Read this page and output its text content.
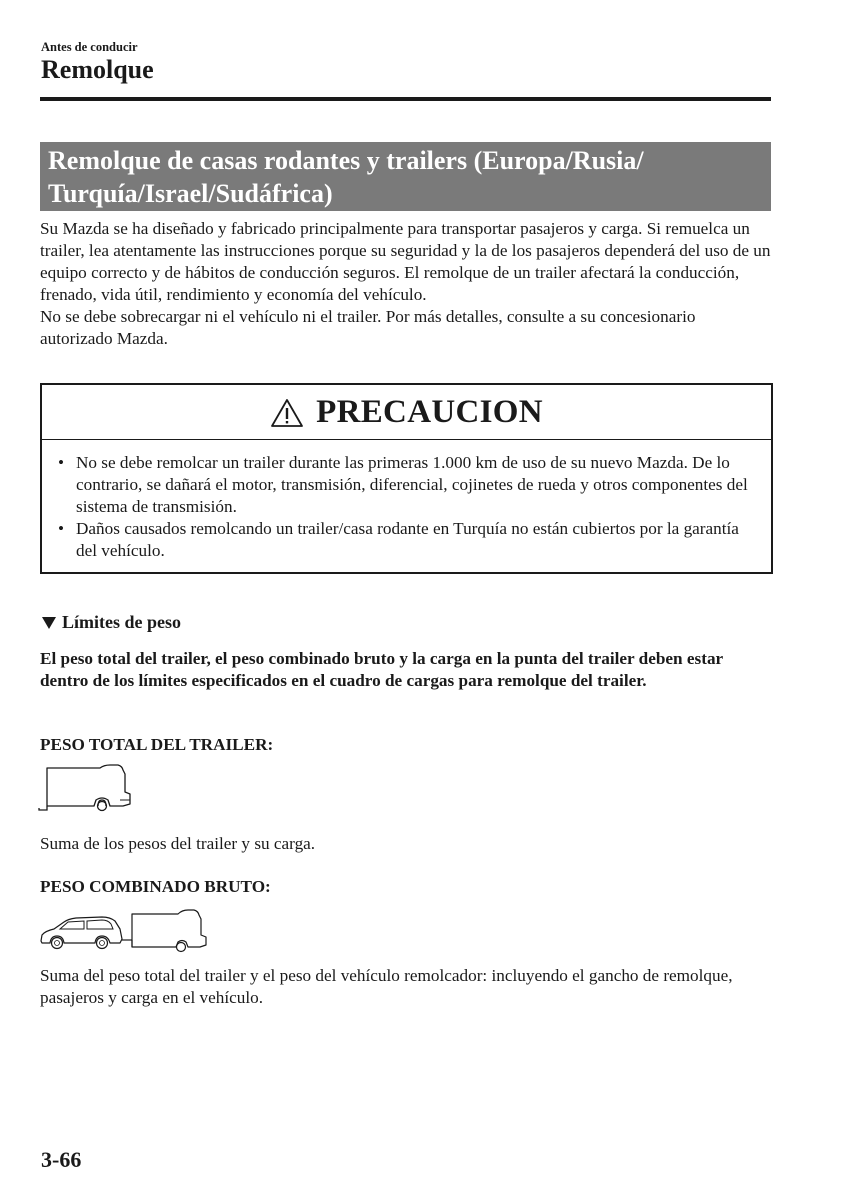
Antes de conducir
Remolque
Remolque de casas rodantes y trailers (Europa/Rusia/
Turquía/Israel/Sudáfrica)

Su Mazda se ha diseñado y fabricado principalmente para transportar pasajeros y carga. Si remuelca un trailer, lea atentamente las instrucciones porque su seguridad y la de los pasajeros dependerá del uso de un equipo correcto y de hábitos de conducción seguros. El remolque de un trailer afectará la conducción, frenado, vida útil, rendimiento y economía del vehículo.

No se debe sobrecargar ni el vehículo ni el trailer. Por más detalles, consulte a su concesionario autorizado Mazda.

PRECAUCION
• No se debe remolcar un trailer durante las primeras 1.000 km de uso de su nuevo Mazda. De lo contrario, se dañará el motor, transmisión, diferencial, cojinetes de rueda y otros componentes del sistema de transmisión.
• Daños causados remolcando un trailer/casa rodante en Turquía no están cubiertos por la garantía del vehículo.
Límites de peso
El peso total del trailer, el peso combinado bruto y la carga en la punta del trailer deben estar dentro de los límites especificados en el cuadro de cargas para remolque del trailer.
PESO TOTAL DEL TRAILER:
Suma de los pesos del trailer y su carga.
PESO COMBINADO BRUTO:
Suma del peso total del trailer y el peso del vehículo remolcador: incluyendo el gancho de remolque, pasajeros y carga en el vehículo.
3-66
